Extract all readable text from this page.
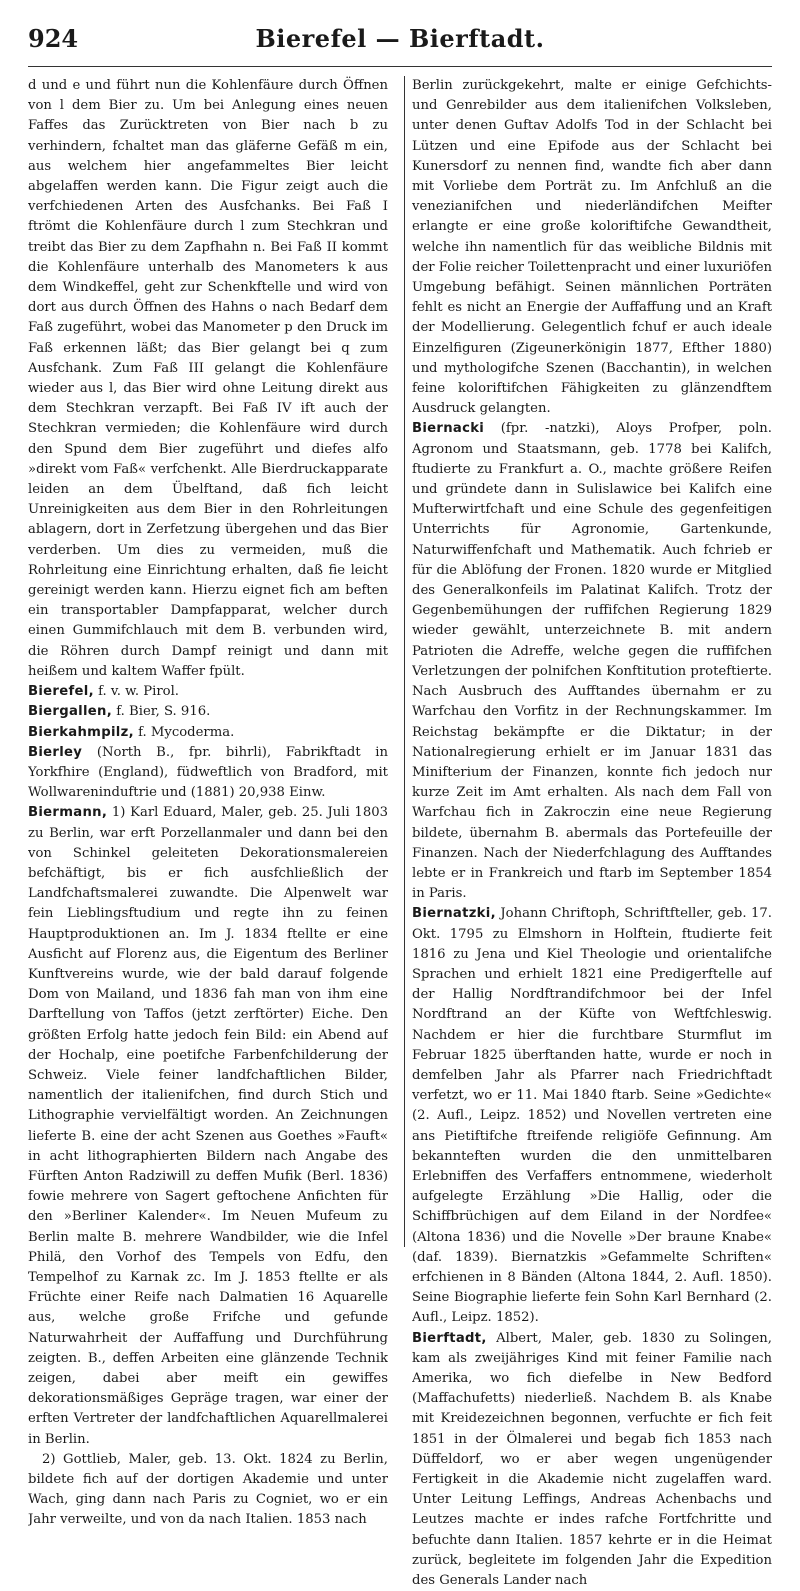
924	Bierefel — Bierftadt.

d und e und führt nun die Kohlenfäure durch Öffnen von l dem Bier zu. Um bei Anlegung eines neuen Faffes das Zurücktreten von Bier nach b zu verhindern, fchaltet man das gläferne Gefäß m ein, aus welchem hier angefammeltes Bier leicht abgelaffen werden kann. Die Figur zeigt auch die verfchiedenen Arten des Ausfchanks. Bei Faß I ftrömt die Kohlenfäure durch l zum Stechkran und treibt das Bier zu dem Zapfhahn n. Bei Faß II kommt die Kohlenfäure unterhalb des Manometers k aus dem Windkeffel, geht zur Schenkftelle und wird von dort aus durch Öffnen des Hahns o nach Bedarf dem Faß zugeführt, wobei das Manometer p den Druck im Faß erkennen läßt; das Bier gelangt bei q zum Ausfchank. Zum Faß III gelangt die Kohlenfäure wieder aus l, das Bier wird ohne Leitung direkt aus dem Stechkran verzapft. Bei Faß IV ift auch der Stechkran vermieden; die Kohlenfäure wird durch den Spund dem Bier zugeführt und diefes alfo »direkt vom Faß« verfchenkt. Alle Bierdruckapparate leiden an dem Übelftand, daß fich leicht Unreinigkeiten aus dem Bier in den Rohrleitungen ablagern, dort in Zerfetzung übergehen und das Bier verderben. Um dies zu vermeiden, muß die Rohrleitung eine Einrichtung erhalten, daß fie leicht gereinigt werden kann. Hierzu eignet fich am beften ein transportabler Dampfapparat, welcher durch einen Gummifchlauch mit dem B. verbunden wird, die Röhren durch Dampf reinigt und dann mit heißem und kaltem Waffer fpült.

Bierefel, f. v. w. Pirol.

Biergallen, f. Bier, S. 916.

Bierkahmpilz, f. Mycoderma.

Bierley (North B., fpr. bihrli), Fabrikftadt in Yorkfhire (England), füdweftlich von Bradford, mit Wollwareninduftrie und (1881) 20,938 Einw.

Biermann, 1) Karl Eduard, Maler, geb. 25. Juli 1803 zu Berlin, war erft Porzellanmaler und dann bei den von Schinkel geleiteten Dekorationsmalereien befchäftigt, bis er fich ausfchließlich der Landfchaftsmalerei zuwandte. Die Alpenwelt war fein Lieblingsftudium und regte ihn zu feinen Hauptproduktionen an. Im J. 1834 ftellte er eine Ausficht auf Florenz aus, die Eigentum des Berliner Kunftvereins wurde, wie der bald darauf folgende Dom von Mailand, und 1836 fah man von ihm eine Darftellung von Taffos (jetzt zerftörter) Eiche. Den größten Erfolg hatte jedoch fein Bild: ein Abend auf der Hochalp, eine poetifche Farbenfchilderung der Schweiz. Viele feiner landfchaftlichen Bilder, namentlich der italienifchen, find durch Stich und Lithographie vervielfältigt worden. An Zeichnungen lieferte B. eine der acht Szenen aus Goethes »Fauft« in acht lithographierten Bildern nach Angabe des Fürften Anton Radziwill zu deffen Mufik (Berl. 1836) fowie mehrere von Sagert geftochene Anfichten für den »Berliner Kalender«. Im Neuen Mufeum zu Berlin malte B. mehrere Wandbilder, wie die Infel Philä, den Vorhof des Tempels von Edfu, den Tempelhof zu Karnak zc. Im J. 1853 ftellte er als Früchte einer Reife nach Dalmatien 16 Aquarelle aus, welche große Frifche und gefunde Naturwahrheit der Auffaffung und Durchführung zeigten. B., deffen Arbeiten eine glänzende Technik zeigen, dabei aber meift ein gewiffes dekorationsmäßiges Gepräge tragen, war einer der erften Vertreter der landfchaftlichen Aquarellmalerei in Berlin.

2) Gottlieb, Maler, geb. 13. Okt. 1824 zu Berlin, bildete fich auf der dortigen Akademie und unter Wach, ging dann nach Paris zu Cogniet, wo er ein Jahr verweilte, und von da nach Italien. 1853 nach

Berlin zurückgekehrt, malte er einige Gefchichts- und Genrebilder aus dem italienifchen Volksleben, unter denen Guftav Adolfs Tod in der Schlacht bei Lützen und eine Epifode aus der Schlacht bei Kunersdorf zu nennen find, wandte fich aber dann mit Vorliebe dem Porträt zu. Im Anfchluß an die venezianifchen und niederländifchen Meifter erlangte er eine große koloriftifche Gewandtheit, welche ihn namentlich für das weibliche Bildnis mit der Folie reicher Toilettenpracht und einer luxuriöfen Umgebung befähigt. Seinen männlichen Porträten fehlt es nicht an Energie der Auffaffung und an Kraft der Modellierung. Gelegentlich fchuf er auch ideale Einzelfiguren (Zigeunerkönigin 1877, Efther 1880) und mythologifche Szenen (Bacchantin), in welchen feine koloriftifchen Fähigkeiten zu glänzendftem Ausdruck gelangten.

Biernacki (fpr. -natzki), Aloys Profper, poln. Agronom und Staatsmann, geb. 1778 bei Kalifch, ftudierte zu Frankfurt a. O., machte größere Reifen und gründete dann in Sulislawice bei Kalifch eine Mufterwirtfchaft und eine Schule des gegenfeitigen Unterrichts für Agronomie, Gartenkunde, Naturwiffenfchaft und Mathematik. Auch fchrieb er für die Ablöfung der Fronen. 1820 wurde er Mitglied des Generalkonfeils im Palatinat Kalifch. Trotz der Gegenbemühungen der ruffifchen Regierung 1829 wieder gewählt, unterzeichnete B. mit andern Patrioten die Adreffe, welche gegen die ruffifchen Verletzungen der polnifchen Konftitution proteftierte. Nach Ausbruch des Aufftandes übernahm er zu Warfchau den Vorfitz in der Rechnungskammer. Im Reichstag bekämpfte er die Diktatur; in der Nationalregierung erhielt er im Januar 1831 das Minifterium der Finanzen, konnte fich jedoch nur kurze Zeit im Amt erhalten. Als nach dem Fall von Warfchau fich in Zakroczin eine neue Regierung bildete, übernahm B. abermals das Portefeuille der Finanzen. Nach der Niederfchlagung des Aufftandes lebte er in Frankreich und ftarb im September 1854 in Paris.

Biernatzki, Johann Chriftoph, Schriftfteller, geb. 17. Okt. 1795 zu Elmshorn in Holftein, ftudierte feit 1816 zu Jena und Kiel Theologie und orientalifche Sprachen und erhielt 1821 eine Predigerftelle auf der Hallig Nordftrandifchmoor bei der Infel Nordftrand an der Küfte von Weftfchleswig. Nachdem er hier die furchtbare Sturmflut im Februar 1825 überftanden hatte, wurde er noch in demfelben Jahr als Pfarrer nach Friedrichftadt verfetzt, wo er 11. Mai 1840 ftarb. Seine »Gedichte« (2. Aufl., Leipz. 1852) und Novellen vertreten eine ans Pietiftifche ftreifende religiöfe Gefinnung. Am bekannteften wurden die den unmittelbaren Erlebniffen des Verfaffers entnommene, wiederholt aufgelegte Erzählung »Die Hallig, oder die Schiffbrüchigen auf dem Eiland in der Nordfee« (Altona 1836) und die Novelle »Der braune Knabe« (daf. 1839). Biernatzkis »Gefammelte Schriften« erfchienen in 8 Bänden (Altona 1844, 2. Aufl. 1850). Seine Biographie lieferte fein Sohn Karl Bernhard (2. Aufl., Leipz. 1852).

Bierftadt, Albert, Maler, geb. 1830 zu Solingen, kam als zweijähriges Kind mit feiner Familie nach Amerika, wo fich diefelbe in New Bedford (Maffachufetts) niederließ. Nachdem B. als Knabe mit Kreidezeichnen begonnen, verfuchte er fich feit 1851 in der Ölmalerei und begab fich 1853 nach Düffeldorf, wo er aber wegen ungenügender Fertigkeit in die Akademie nicht zugelaffen ward. Unter Leitung Leffings, Andreas Achenbachs und Leutzes machte er indes rafche Fortfchritte und befuchte dann Italien. 1857 kehrte er in die Heimat zurück, begleitete im folgenden Jahr die Expedition des Generals Lander nach
